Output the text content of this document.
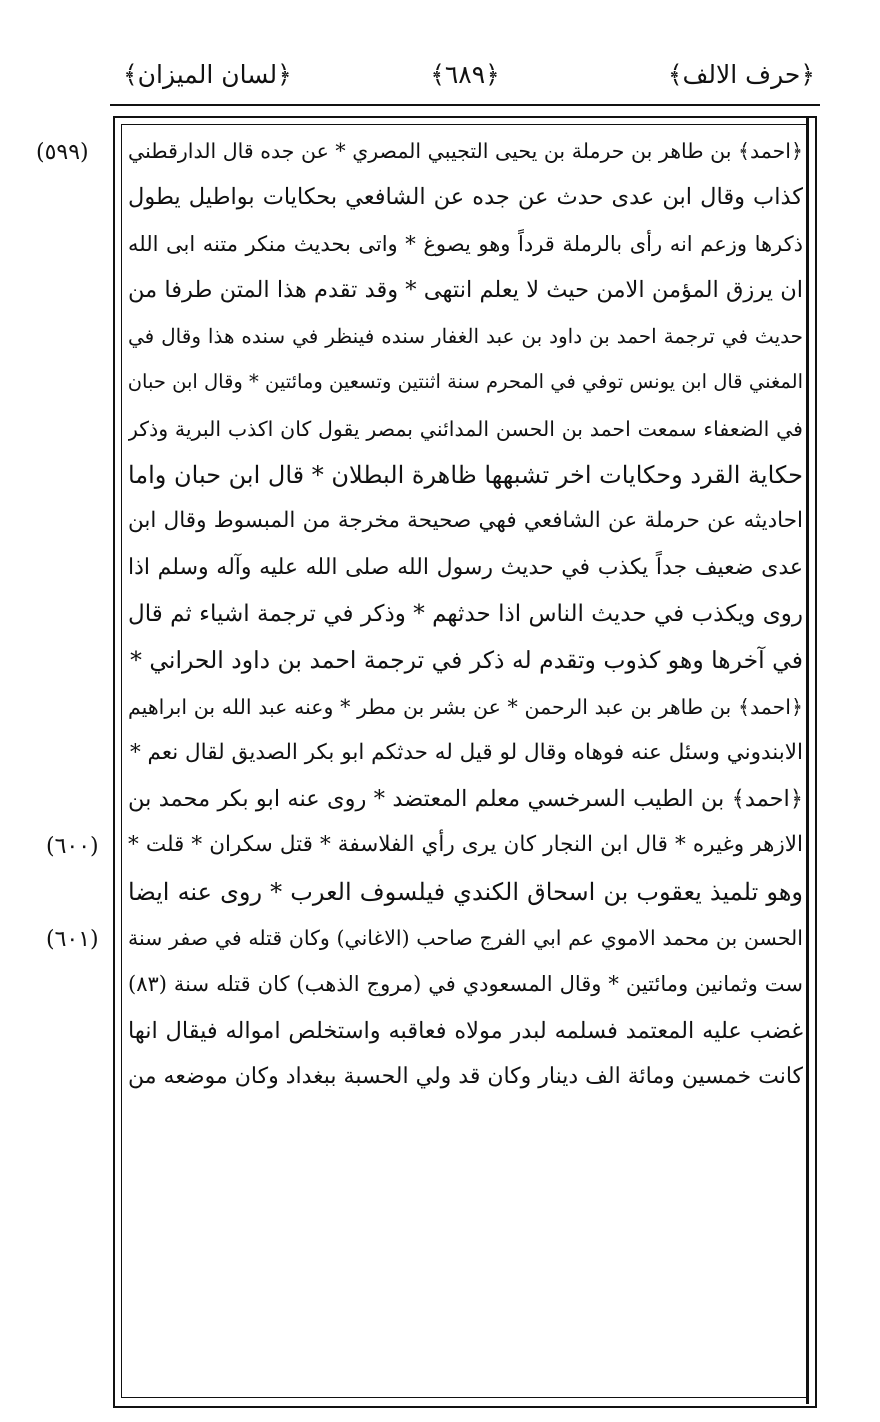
﴿حرف الالف﴾
﴿٦٨٩﴾
﴿لسان الميزان﴾
(٥٩٩)
(٦٠٠)
(٦٠١)
﴿احمد﴾ بن طاهر بن حرملة بن يحيى التجيبي المصري * عن جده قال الدارقطني
كذاب وقال ابن عدى حدث عن جده عن الشافعي بحكايات بواطيل يطول
ذكرها وزعم انه رأى بالرملة قرداً وهو يصوغ * واتى بحديث منكر متنه ابى الله
ان يرزق المؤمن الامن حيث لا يعلم انتهى * وقد تقدم هذا المتن طرفا من
حديث في ترجمة احمد بن داود بن عبد الغفار سنده فينظر في سنده هذا وقال في
المغني قال ابن يونس توفي في المحرم سنة اثنتين وتسعين ومائتين * وقال ابن حبان
في الضعفاء سمعت احمد بن الحسن المدائني بمصر يقول كان اكذب البرية وذكر
حكاية القرد وحكايات اخر تشبهها ظاهرة البطلان * قال ابن حبان واما
احاديثه عن حرملة عن الشافعي فهي صحيحة مخرجة من المبسوط وقال ابن
عدى ضعيف جداً يكذب في حديث رسول الله صلى الله عليه وآله وسلم اذا
روى ويكذب في حديث الناس اذا حدثهم * وذكر في ترجمة اشياء ثم قال
في آخرها وهو كذوب وتقدم له ذكر في ترجمة احمد بن داود الحراني *
﴿احمد﴾ بن طاهر بن عبد الرحمن * عن بشر بن مطر * وعنه عبد الله بن ابراهيم
الابندوني وسئل عنه فوهاه وقال لو قيل له حدثكم ابو بكر الصديق لقال نعم *
﴿احمد﴾ بن الطيب السرخسي معلم المعتضد * روى عنه ابو بكر محمد بن
الازهر وغيره * قال ابن النجار كان يرى رأي الفلاسفة * قتل سكران * قلت *
وهو تلميذ يعقوب بن اسحاق الكندي فيلسوف العرب * روى عنه ايضا
الحسن بن محمد الاموي عم ابي الفرج صاحب (الاغاني) وكان قتله في صفر سنة
ست وثمانين ومائتين * وقال المسعودي في (مروج الذهب) كان قتله سنة (٨٣)
غضب عليه المعتمد فسلمه لبدر مولاه فعاقبه واستخلص امواله فيقال انها
كانت خمسين ومائة الف دينار وكان قد ولي الحسبة ببغداد وكان موضعه من
